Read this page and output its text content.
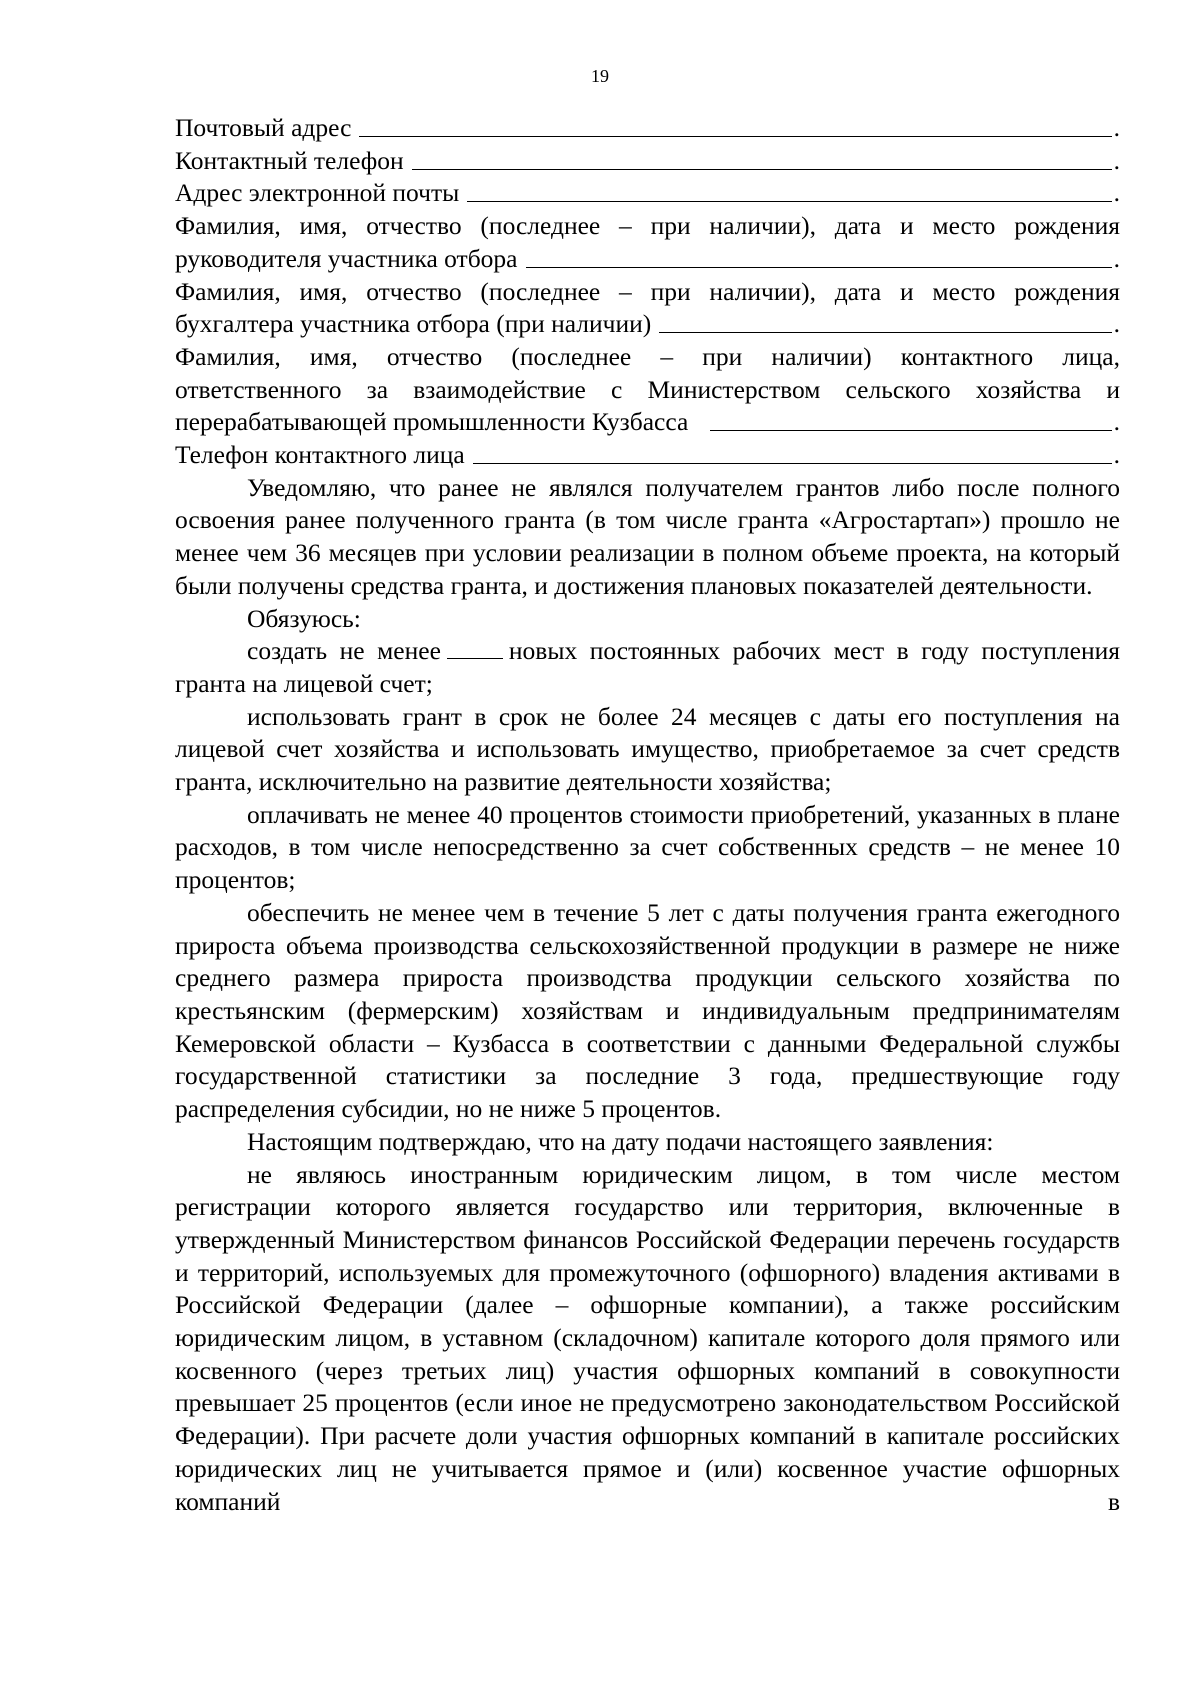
19
Почтовый адрес	.
Контактный телефон	.
Адрес электронной почты	.
Фамилия, имя, отчество (последнее – при наличии), дата и место рождения
руководителя участника отбора	.
Фамилия, имя, отчество (последнее – при наличии), дата и место рождения
бухгалтера участника отбора (при наличии)	.
Фамилия, имя, отчество (последнее – при наличии) контактного лица,
ответственного за взаимодействие с Министерством сельского хозяйства и
перерабатывающей промышленности Кузбасса	.
Телефон контактного лица	.

Уведомляю, что ранее не являлся получателем грантов либо после полного освоения ранее полученного гранта (в том числе гранта «Агростартап») прошло не менее чем 36 месяцев при условии реализации в полном объеме проекта, на который были получены средства гранта, и достижения плановых показателей деятельности.

Обязуюсь:

создать не менее	новых постоянных рабочих мест в году поступления гранта на лицевой счет;

использовать грант в срок не более 24 месяцев с даты его поступления на лицевой счет хозяйства и использовать имущество, приобретаемое за счет средств гранта, исключительно на развитие деятельности хозяйства;

оплачивать не менее 40 процентов стоимости приобретений, указанных в плане расходов, в том числе непосредственно за счет собственных средств – не менее 10 процентов;

обеспечить не менее чем в течение 5 лет с даты получения гранта ежегодного прироста объема производства сельскохозяйственной продукции в размере не ниже среднего размера прироста производства продукции сельского хозяйства по крестьянским (фермерским) хозяйствам и индивидуальным предпринимателям Кемеровской области – Кузбасса в соответствии с данными Федеральной службы государственной статистики за последние 3 года, предшествующие году распределения субсидии, но не ниже 5 процентов.

Настоящим подтверждаю, что на дату подачи настоящего заявления:

не являюсь иностранным юридическим лицом, в том числе местом регистрации которого является государство или территория, включенные в утвержденный Министерством финансов Российской Федерации перечень государств и территорий, используемых для промежуточного (офшорного) владения активами в Российской Федерации (далее – офшорные компании), а также российским юридическим лицом, в уставном (складочном) капитале которого доля прямого или косвенного (через третьих лиц) участия офшорных компаний в совокупности превышает 25 процентов (если иное не предусмотрено законодательством Российской Федерации). При расчете доли участия офшорных компаний в капитале российских юридических лиц не учитывается прямое и (или) косвенное участие офшорных компаний в
